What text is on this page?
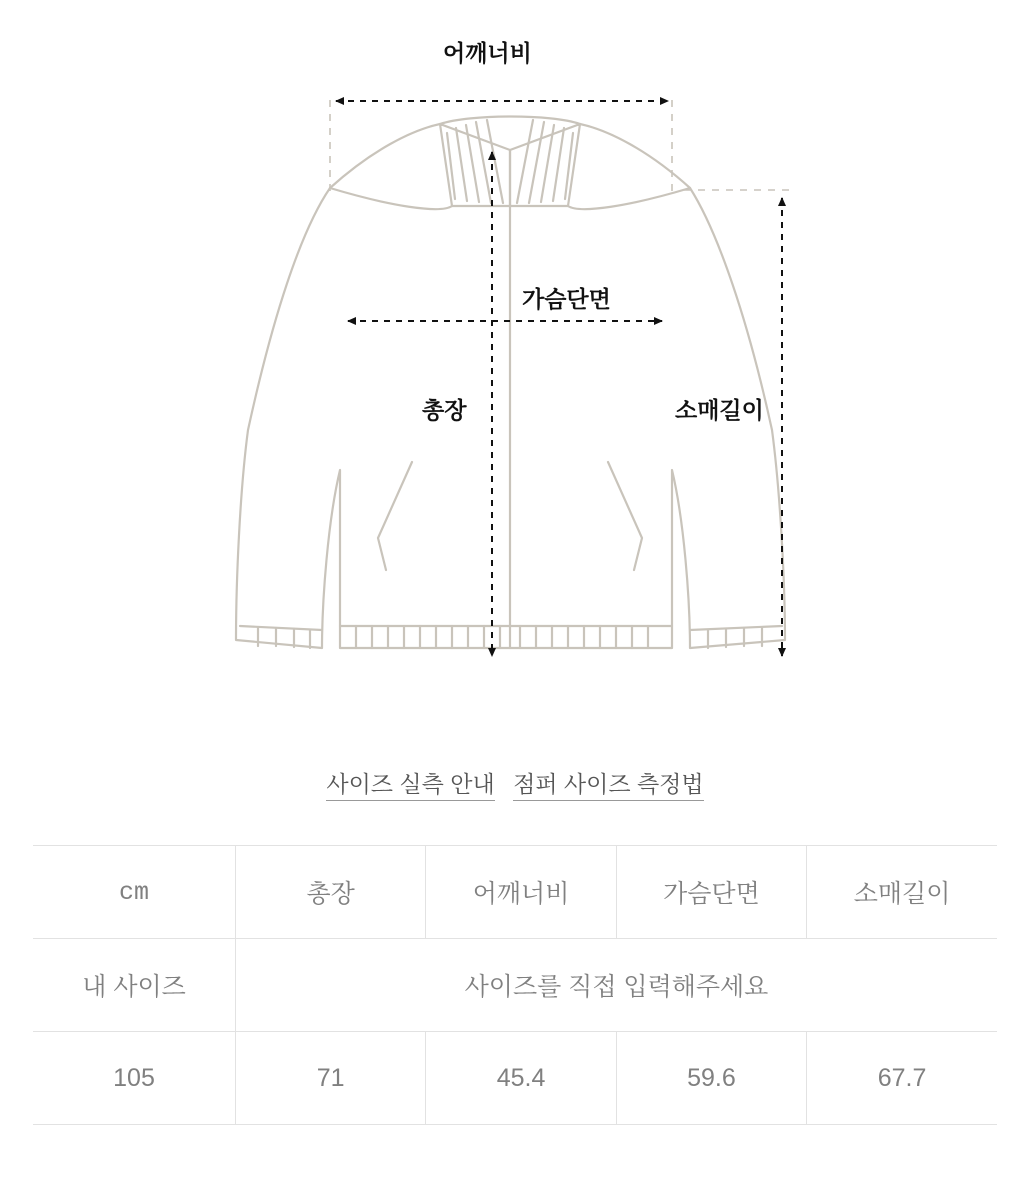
어깨너비
가슴단면
총장	소매길이
사이즈 실측 안내 점퍼 사이즈 측정법
cm	총장	어깨너비	가슴단면	소매길이
내 사이즈	사이즈를 직접 입력해주세요			
105	71	45.4	59.6	67.7
